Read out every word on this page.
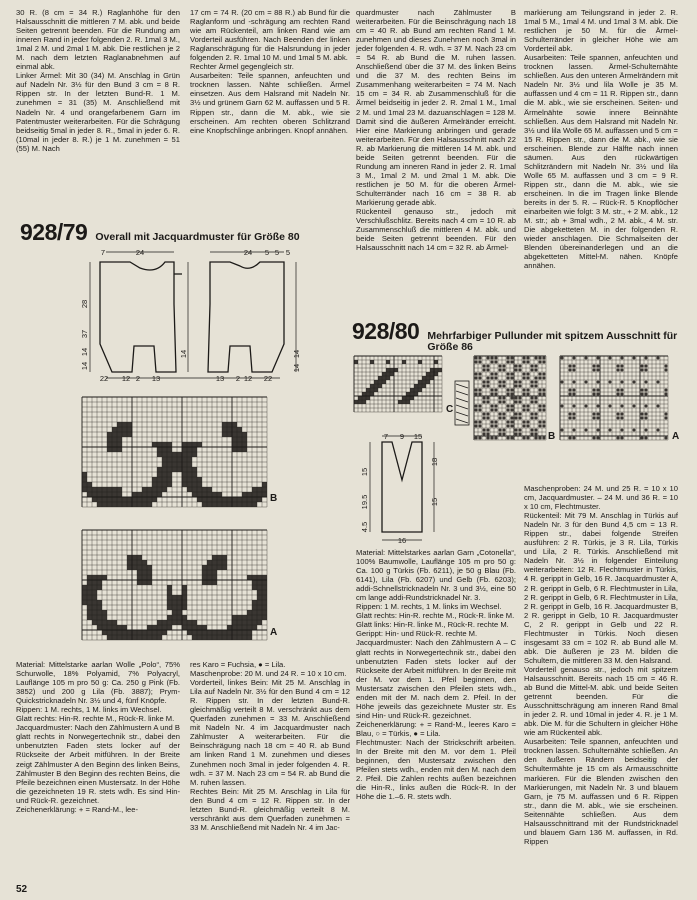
30 R. (8 cm = 34 R.) Raglanhöhe für den Halsausschnitt die mittleren 7 M. abk. und beide Seiten getrennt beenden. Für die Rundung am inneren Rand in jeder folgenden 2. R. 1mal 3 M., 1mal 2 M. und 2mal 1 M. abk. Die restlichen je 2 M. nach dem letzten Raglanabnehmen auf einmal abk.
Linker Ärmel: Mit 30 (34) M. Anschlag in Grün auf Nadeln Nr. 3½ für den Bund 3 cm = 8 R. Rippen str. In der letzten Bund-R. 1 M. zunehmen = 31 (35) M. Anschließend mit Nadeln Nr. 4 und orangefarbenem Garn im Patentmuster weiterarbeiten. Für die Schrägung beidseitig 5mal in jeder 8. R., 5mal in jeder 6. R. (10mal in jeder 8. R.) je 1 M. zunehmen = 51 (55) M. Nach

17 cm = 74 R. (20 cm = 88 R.) ab Bund für die Raglanform und -schrägung am rechten Rand wie am Rückenteil, am linken Rand wie am Vorderteil ausführen. Nach Beenden der linken Raglanschrägung für die Halsrundung in jeder folgenden 2. R. 1mal 10 M. und 1mal 5 M. abk.
Rechter Ärmel gegengleich str.
Ausarbeiten: Teile spannen, anfeuchten und trocknen lassen. Nähte schließen. Ärmel einsetzen. Aus dem Halsrand mit Nadeln Nr. 3½ und grünem Garn 62 M. auffassen und 5 R. Rippen str., dann die M. abk., wie sie erscheinen. Am rechten oberen Schlitzrand eine Knopfschlinge anbringen. Knopf annähen.

quardmuster nach Zählmuster B weiterarbeiten. Für die Beinschrägung nach 18 cm = 40 R. ab Bund am rechten Rand 1 M. zunehmen und dieses Zunehmen noch 3mal in jeder folgenden 4. R. wdh. = 37 M. Nach 23 cm = 54 R. ab Bund die M. ruhen lassen. Anschließend über die 37 M. des linken Beins und die 37 M. des rechten Beins im Zusammenhang weiterarbeiten = 74 M. Nach 15 cm = 34 R. ab Zusammenschluß für die Ärmel beidseitig in jeder 2. R. 2mal 1 M., 1mal 2 M. und 1mal 23 M. dazuanschlagen = 128 M. Damit sind die äußeren Ärmelränder erreicht. Hier eine Markierung anbringen und gerade weiterarbeiten. Für den Halsausschnitt nach 22 R. ab Markierung die mittleren 14 M. abk. und beide Seiten getrennt beenden. Für die Rundung am inneren Rand in jeder 2. R. 1mal 3 M., 1mal 2 M. und 2mal 1 M. abk. Die restlichen je 50 M. für die oberen Ärmel-Schulterränder nach 16 cm = 38 R. ab Markierung gerade abk.
Rückenteil genauso str., jedoch mit Verschlußschlitz. Bereits nach 4 cm = 10 R. ab Zusammenschluß die mittleren 4 M. abk. und beide Seiten getrennt beenden. Für den Halsausschnitt nach 14 cm = 32 R. ab Ärmel-

markierung am Teilungsrand in jeder 2. R. 1mal 5 M., 1mal 4 M. und 1mal 3 M. abk. Die restlichen je 50 M. für die Ärmel-Schulterränder in gleicher Höhe wie am Vorderteil abk.
Ausarbeiten: Teile spannen, anfeuchten und trocknen lassen. Ärmel-Schulternähte schließen. Aus den unteren Ärmelrändern mit Nadeln Nr. 3½ und lila Wolle je 35 M. auffassen und 4 cm = 11 R. Rippen str., dann die M. abk., wie sie erscheinen. Seiten- und Ärmelnähte sowie innere Beinnähte schließen. Aus dem Halsrand mit Nadeln Nr. 3½ und lila Wolle 65 M. auffassen und 5 cm = 15 R. Rippen str., dann die M. abk., wie sie erscheinen. Blende zur Hälfte nach innen säumen. Aus den rückwärtigen Schlitzrändern mit Nadeln Nr. 3½ und lila Wolle 65 M. auffassen und 3 cm = 9 R. Rippen str., dann die M. abk., wie sie erscheinen. In die im Tragen linke Blende bereits in der 5. R. – Rück-R. 5 Knopflöcher einarbeiten wie folgt: 3 M. str., + 2 M. abk., 12 M. str.; ab + 3mal wdh., 2 M. abk., 4 M. str. Die abgeketteten M. in der folgenden R. wieder anschlagen. Die Schmalseiten der Blenden übereinanderlegen und an die abgeketteten Mittel-M. nähen. Knöpfe annähen.

928/79 Overall mit Jacquardmuster für Größe 80
928/80 Mehrfarbiger Pullunder mit spitzem Ausschnitt für Größe 86
7	24	24 5 5 5
28
37
14
14
14
14
14
22 12 2 13	13 2 12 22
B
A
C
B	A
7 9 15
19.5
15
4.5
18
15
16

Material: Mittelstarke aarlan Wolle „Polo“, 75% Schurwolle, 18% Polyamid, 7% Polyacryl, Lauflänge 105 m pro 50 g: Ca. 250 g Pink (Fb. 3852) und 200 g Lila (Fb. 3887); Prym-Quickstricknadeln Nr. 3½ und 4, fünf Knöpfe.
Rippen: 1 M. rechts, 1 M. links im Wechsel.
Glatt rechts: Hin-R. rechte M., Rück-R. linke M.
Jacquardmuster: Nach den Zählmustern A und B glatt rechts in Norwegertechnik str., dabei den unbenutzten Faden stets locker auf der Rückseite der Arbeit mitführen. In der Breite zeigt Zählmuster A den Beginn des linken Beins, Zählmuster B den Beginn des rechten Beins, die Pfeile bezeichnen einen Mustersatz. In der Höhe die gezeichneten 19 R. stets wdh. Es sind Hin- und Rück-R. gezeichnet.
Zeichenerklärung: + = Rand-M., lee-

res Karo = Fuchsia, ● = Lila.
Maschenprobe: 20 M. und 24 R. = 10 x 10 cm.
Vorderteil, linkes Bein: Mit 25 M. Anschlag in Lila auf Nadeln Nr. 3½ für den Bund 4 cm = 12 R. Rippen str. In der letzten Bund-R. gleichmäßig verteilt 8 M. verschränkt aus dem Querfaden zunehmen = 33 M. Anschließend mit Nadeln Nr. 4 im Jacquardmuster nach Zählmuster A weiterarbeiten. Für die Beinschrägung nach 18 cm = 40 R. ab Bund am linken Rand 1 M. zunehmen und dieses Zunehmen noch 3mal in jeder folgenden 4. R. wdh. = 37 M. Nach 23 cm = 54 R. ab Bund die M. ruhen lassen.
Rechtes Bein: Mit 25 M. Anschlag in Lila für den Bund 4 cm = 12 R. Rippen str. In der letzten Bund-R. gleichmäßig verteilt 8 M. verschränkt aus dem Querfaden zunehmen = 33 M. Anschließend mit Nadeln Nr. 4 im Jac-

Material: Mittelstarkes aarlan Garn „Cotonella“, 100% Baumwolle, Lauflänge 105 m pro 50 g: Ca. 100 g Türkis (Fb. 6211), je 50 g Blau (Fb. 6141), Lila (Fb. 6207) und Gelb (Fb. 6203); addi-Schnellstricknadeln Nr. 3 und 3½, eine 50 cm lange addi-Rundstricknadel Nr. 3.
Rippen: 1 M. rechts, 1 M. links im Wechsel.
Glatt rechts: Hin-R. rechte M., Rück-R. linke M.
Glatt links: Hin-R. linke M., Rück-R. rechte M.
Gerippt: Hin- und Rück-R. rechte M.
Jacquardmuster: Nach den Zählmustern A – C glatt rechts in Norwegertechnik str., dabei den unbenutzten Faden stets locker auf der Rückseite der Arbeit mitführen. In der Breite mit der M. vor dem 1. Pfeil beginnen, den Mustersatz zwischen den Pfeilen stets wdh., enden mit der M. nach dem 2. Pfeil. In der Höhe jeweils das gezeichnete Muster str. Es sind Hin- und Rück-R. gezeichnet.
Zeichenerklärung: + = Rand-M., leeres Karo = Blau, ○ = Türkis, ● = Lila.
Flechtmuster: Nach der Strickschrift arbeiten. In der Breite mit den M. vor dem 1. Pfeil beginnen, den Mustersatz zwischen den Pfeilen stets wdh., enden mit den M. nach dem 2. Pfeil. Die Zahlen rechts außen bezeichnen die Hin-R., links außen die Rück-R. In der Höhe die 1.–6. R. stets wdh.

Maschenproben: 24 M. und 25 R. = 10 x 10 cm, Jacquardmuster. – 24 M. und 36 R. = 10 x 10 cm, Flechtmuster.
Rückenteil: Mit 79 M. Anschlag in Türkis auf Nadeln Nr. 3 für den Bund 4,5 cm = 13 R. Rippen str., dabei folgende Streifen ausführen: 2 R. Türkis, je 3 R. Lila, Türkis und Lila, 2 R. Türkis. Anschließend mit Nadeln Nr. 3½ in folgender Einteilung weiterarbeiten: 12 R. Flechtmuster in Türkis, 4 R. gerippt in Gelb, 16 R. Jacquardmuster A, 2 R. gerippt in Gelb, 6 R. Flechtmuster in Lila, 2 R. gerippt in Gelb, 6 R. Flechtmuster in Lila, 2 R. gerippt in Gelb, 16 R. Jacquardmuster B, 2 R. gerippt in Gelb, 10 R. Jacquardmuster C, 2 R. gerippt in Gelb und 22 R. Flechtmuster in Türkis. Noch diesen insgesamt 33 cm = 102 R. ab Bund alle M. abk. Die äußeren je 23 M. bilden die Schultern, die mittleren 33 M. den Halsrand.
Vorderteil genauso str., jedoch mit spitzem Halsausschnitt. Bereits nach 15 cm = 46 R. ab Bund die Mittel-M. abk. und beide Seiten getrennt beenden. Für die Ausschnittschrägung am inneren Rand 8mal in jeder 2. R. und 10mal in jeder 4. R. je 1 M. abk. Die M. für die Schultern in gleicher Höhe wie am Rückenteil abk.
Ausarbeiten: Teile spannen, anfeuchten und trocknen lassen. Schulternähte schließen. An den äußeren Rändern beidseitig der Schultermähte je 15 cm als Armausschnitte markieren. Für die Blenden zwischen den Markierungen, mit Nadeln Nr. 3 und blauem Garn, je 75 M. auffassen und 6 R. Rippen str., dann die M. abk., wie sie erscheinen. Seitennähte schließen. Aus dem Halsausschnittrand mit der Rundstricknadel und blauem Garn 136 M. auffassen, in Rd. Rippen

52
